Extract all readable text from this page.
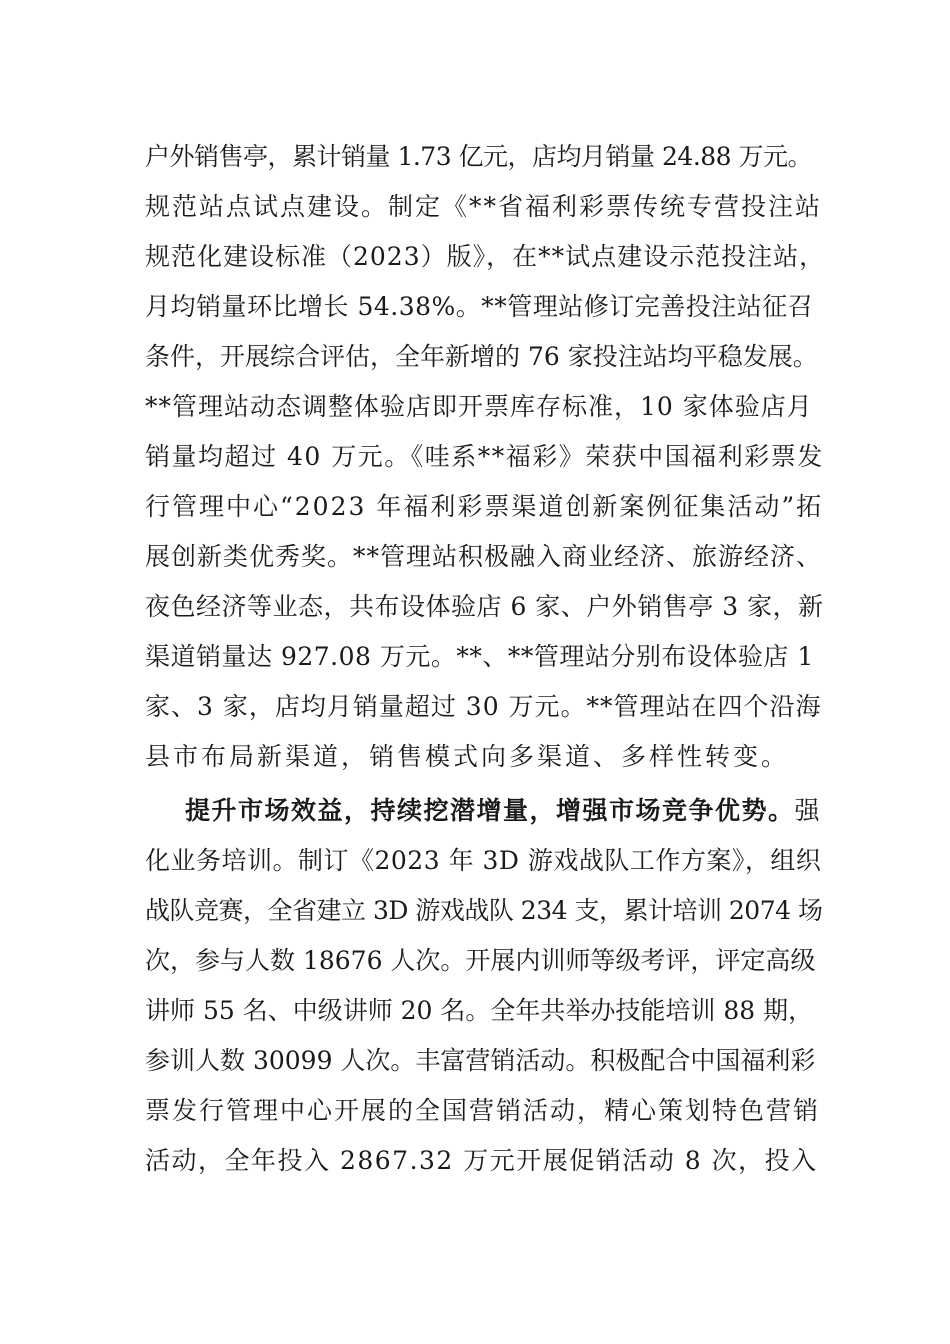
户外销售亭，累计销量 1.73 亿元，店均月销量 24.88 万元。
规范站点试点建设。制定《**省福利彩票传统专营投注站
规范化建设标准（2023）版》，在**试点建设示范投注站，
月均销量环比增长 54.38%。**管理站修订完善投注站征召
条件，开展综合评估，全年新增的 76 家投注站均平稳发展。
**管理站动态调整体验店即开票库存标准，10 家体验店月
销量均超过 40 万元。《哇系**福彩》荣获中国福利彩票发
行管理中心“2023 年福利彩票渠道创新案例征集活动”拓
展创新类优秀奖。**管理站积极融入商业经济、旅游经济、
夜色经济等业态，共布设体验店 6 家、户外销售亭 3 家，新
渠道销量达 927.08 万元。**、**管理站分别布设体验店 1
家、3 家，店均月销量超过 30 万元。**管理站在四个沿海
县市布局新渠道，销售模式向多渠道、多样性转变。
提升市场效益，持续挖潜增量，增强市场竞争优势。强
化业务培训。制订《2023 年 3D 游戏战队工作方案》，组织
战队竞赛，全省建立 3D 游戏战队 234 支，累计培训 2074 场
次，参与人数 18676 人次。开展内训师等级考评，评定高级
讲师 55 名、中级讲师 20 名。全年共举办技能培训 88 期，
参训人数 30099 人次。丰富营销活动。积极配合中国福利彩
票发行管理中心开展的全国营销活动，精心策划特色营销
活动，全年投入 2867.32 万元开展促销活动 8 次，投入
